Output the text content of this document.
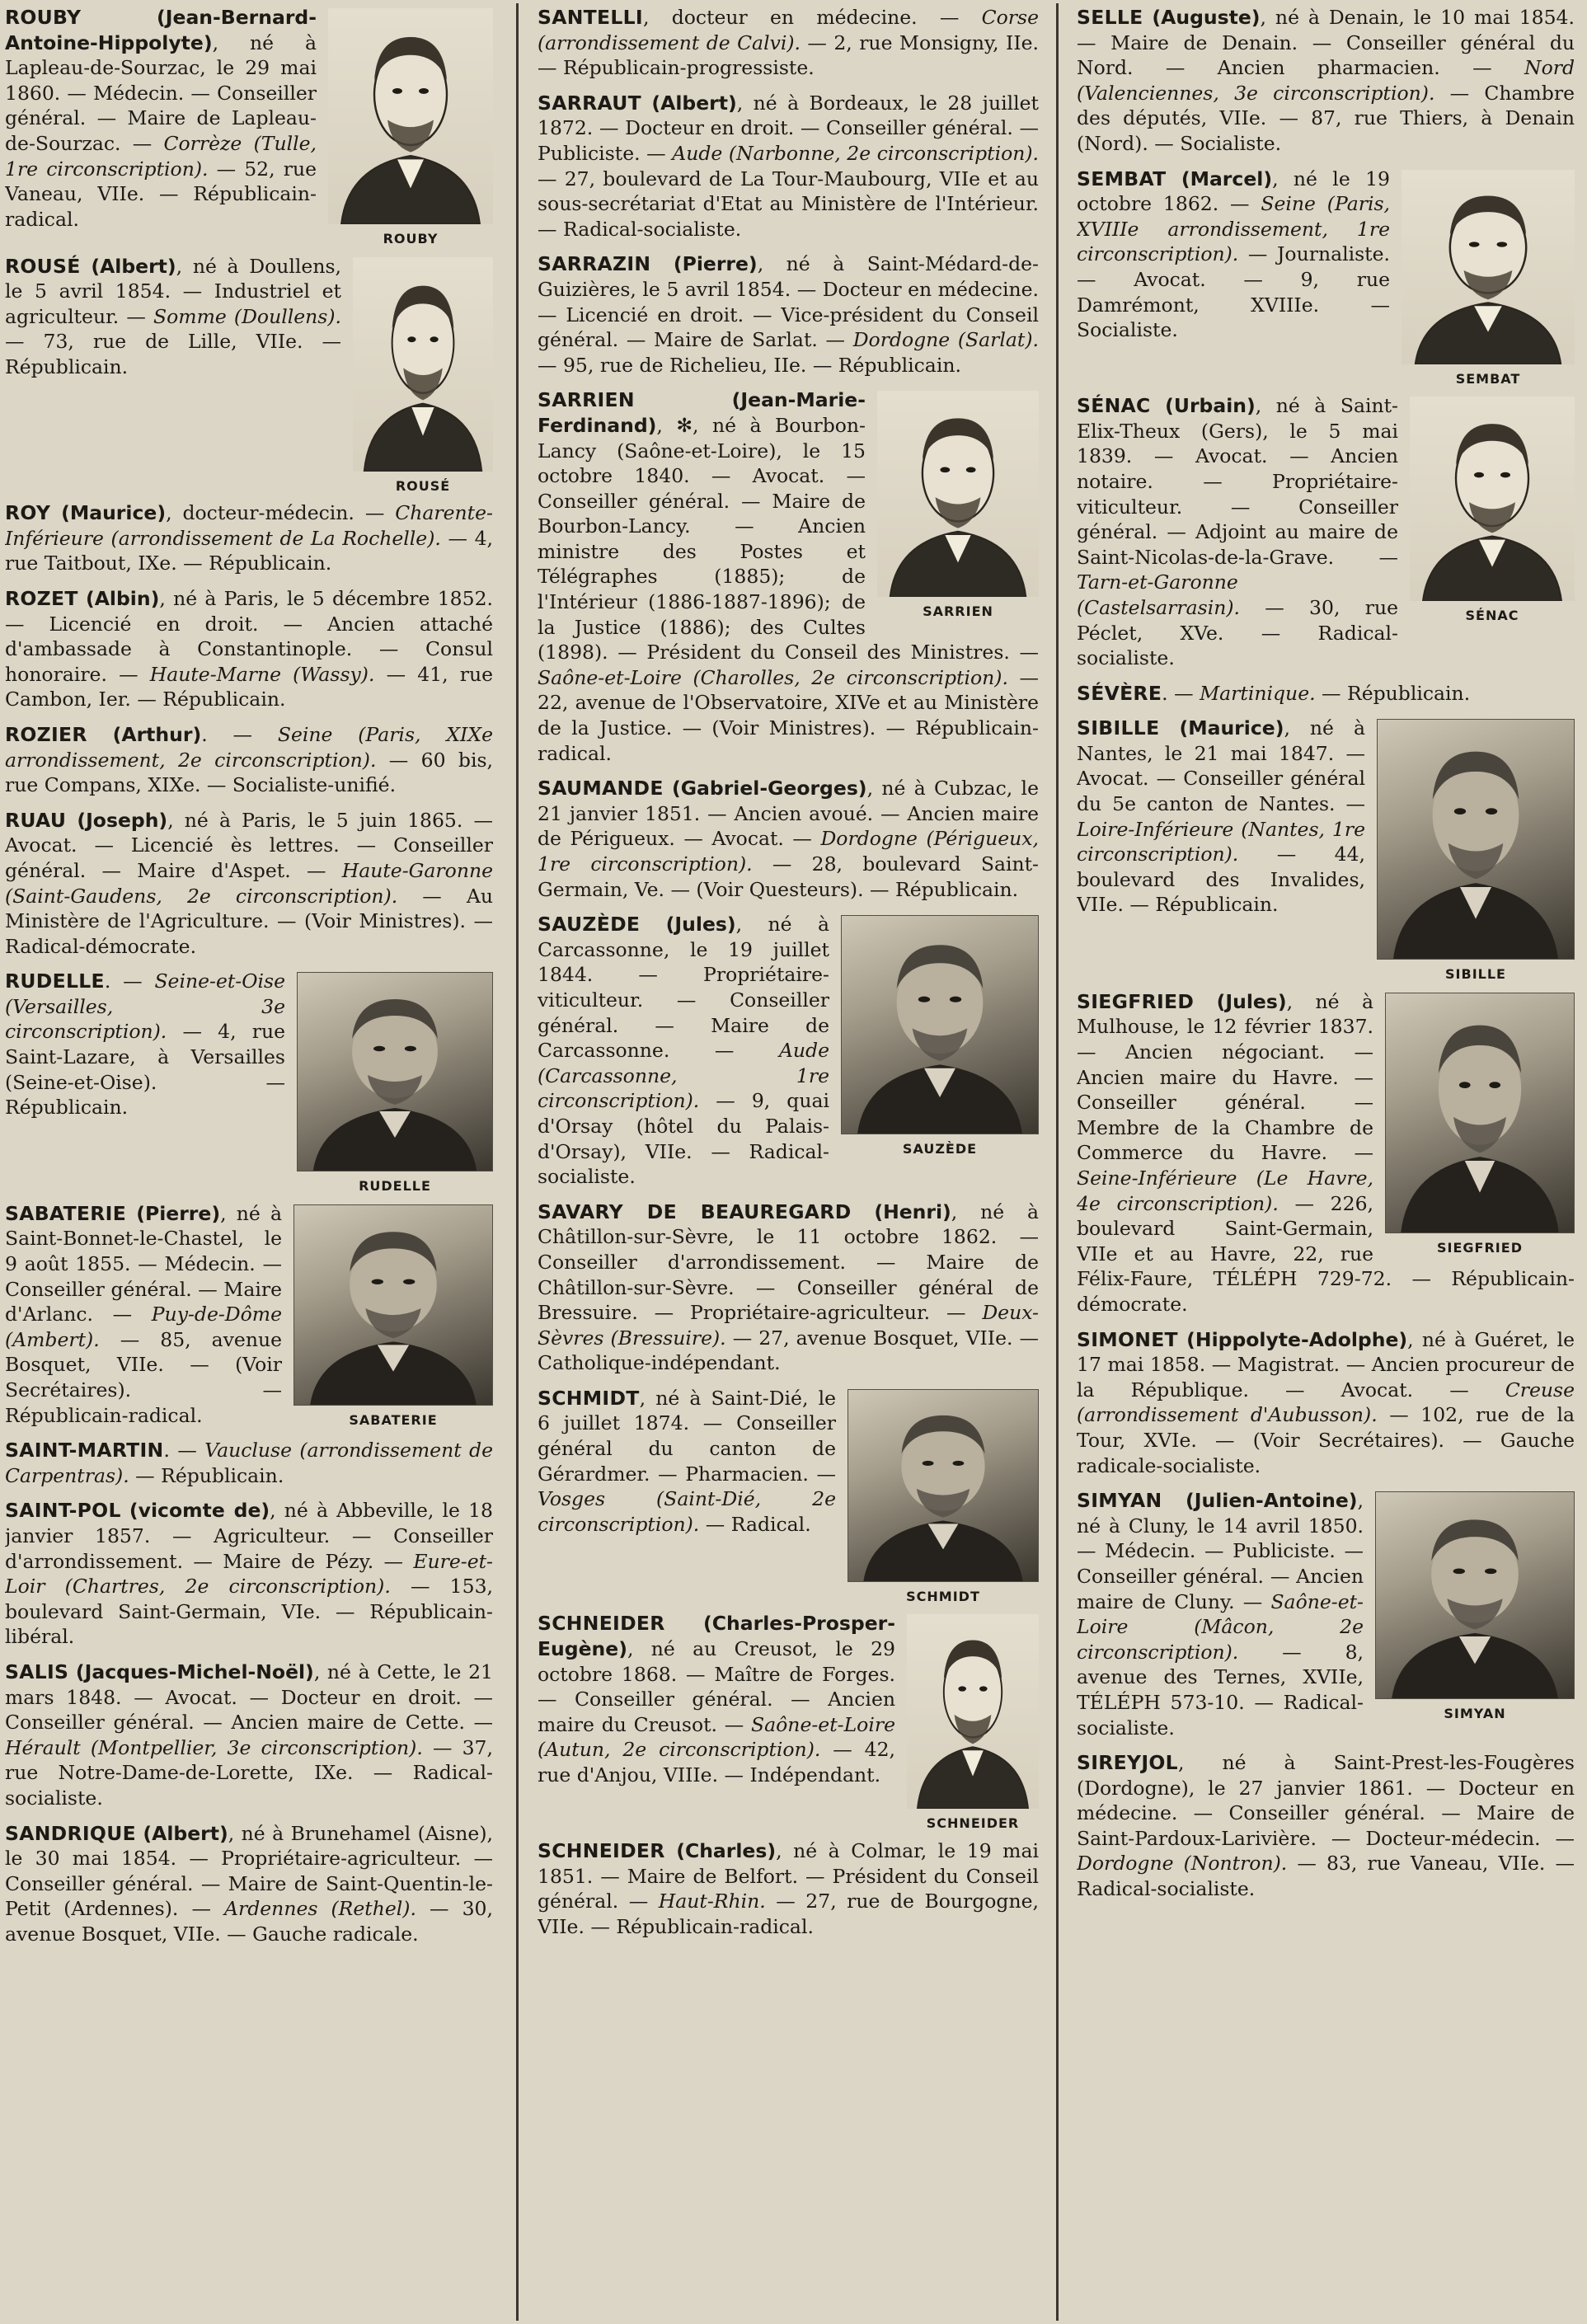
ROUBY
ROUBY	(Jean-Bernard-Antoine-Hippolyte), né à Lapleau-de-Sourzac, le 29 mai 1860. — Médecin. — Conseiller général. — Maire de Lapleau-de-Sourzac. — Corrèze (Tulle, 1re circonscription). — 52, rue Vaneau, VIIe. — Républicain-radical.

ROUSÉ
ROUSÉ (Albert), né à Doullens, le 5 avril 1854. — Industriel et agriculteur. — Somme (Doullens). — 73, rue de Lille, VIIe. — Républicain.

ROY (Maurice), docteur-médecin. — Charente-Inférieure (arrondissement de La Rochelle). — 4, rue Taitbout, IXe. — Républicain.

ROZET (Albin), né à Paris, le 5 décembre 1852. — Licencié en droit. — Ancien attaché d'ambassade à Constantinople. — Consul honoraire. — Haute-Marne (Wassy). — 41, rue Cambon, Ier. — Républicain.

ROZIER (Arthur). — Seine (Paris, XIXe arrondissement, 2e circonscription). — 60 bis, rue Compans, XIXe. — Socialiste-unifié.

RUAU (Joseph), né à Paris, le 5 juin 1865. — Avocat. — Licencié ès lettres. — Conseiller général. — Maire d'Aspet. — Haute-Garonne (Saint-Gaudens, 2e circonscription). — Au Ministère de l'Agriculture. — (Voir Ministres). — Radical-démocrate.

RUDELLE
RUDELLE. — Seine-et-Oise (Versailles, 3e circonscription). — 4, rue Saint-Lazare, à Versailles (Seine-et-Oise). — Républicain.

SABATERIE
SABATERIE (Pierre), né à Saint-Bonnet-le-Chastel, le 9 août 1855. — Médecin. — Conseiller général. — Maire d'Arlanc. — Puy-de-Dôme (Ambert). — 85, avenue Bosquet, VIIe. — (Voir Secrétaires). — Républicain-radical.

SAINT-MARTIN. — Vaucluse (arrondissement de Carpentras). — Républicain.

SAINT-POL (vicomte de), né à Abbeville, le 18 janvier 1857. — Agriculteur. — Conseiller d'arrondissement. — Maire de Pézy. — Eure-et-Loir (Chartres, 2e circonscription). — 153, boulevard Saint-Germain, VIe. — Républicain-libéral.

SALIS (Jacques-Michel-Noël), né à Cette, le 21 mars 1848. — Avocat. — Docteur en droit. — Conseiller général. — Ancien maire de Cette. — Hérault (Montpellier, 3e circonscription). — 37, rue Notre-Dame-de-Lorette, IXe. — Radical-socialiste.

SANDRIQUE (Albert), né à Brunehamel (Aisne), le 30 mai 1854. — Propriétaire-agriculteur. — Conseiller général. — Maire de Saint-Quentin-le-Petit (Ardennes). — Ardennes (Rethel). — 30, avenue Bosquet, VIIe. — Gauche radicale.

SANTELLI, docteur en médecine. — Corse (arrondissement de Calvi). — 2, rue Monsigny, IIe. — Républicain-progressiste.

SARRAUT (Albert), né à Bordeaux, le 28 juillet 1872. — Docteur en droit. — Conseiller général. — Publiciste. — Aude (Narbonne, 2e circonscription). — 27, boulevard de La Tour-Maubourg, VIIe et au sous-secrétariat d'Etat au Ministère de l'Intérieur. — Radical-socialiste.

SARRAZIN (Pierre), né à Saint-Médard-de-Guizières, le 5 avril 1854. — Docteur en médecine. — Licencié en droit. — Vice-président du Conseil général. — Maire de Sarlat. — Dordogne (Sarlat). — 95, rue de Richelieu, IIe. — Républicain.

SARRIEN
SARRIEN	(Jean-Marie-Ferdinand), ✻, né à Bourbon-Lancy (Saône-et-Loire), le 15 octobre 1840. — Avocat. — Conseiller général. — Maire de Bourbon-Lancy. — Ancien ministre des Postes et Télégraphes (1885); de l'Intérieur (1886-1887-1896); de la Justice (1886); des Cultes (1898). — Président du Conseil des Ministres. — Saône-et-Loire (Charolles, 2e circonscription). — 22, avenue de l'Observatoire, XIVe et au Ministère de la Justice. — (Voir Ministres). — Républicain-radical.

SAUMANDE (Gabriel-Georges), né à Cubzac, le 21 janvier 1851. — Ancien avoué. — Ancien maire de Périgueux. — Avocat. — Dordogne (Périgueux, 1re circonscription). — 28, boulevard Saint-Germain, Ve. — (Voir Questeurs). — Républicain.

SAUZÈDE
SAUZÈDE (Jules), né à Carcassonne, le 19 juillet 1844. — Propriétaire-viticulteur. — Conseiller général. — Maire de Carcassonne. — Aude (Carcassonne, 1re circonscription). — 9, quai d'Orsay (hôtel du Palais-d'Orsay), VIIe. — Radical-socialiste.

SAVARY DE BEAUREGARD (Henri), né à Châtillon-sur-Sèvre, le 11 octobre 1862. — Conseiller d'arrondissement. — Maire de Châtillon-sur-Sèvre. — Conseiller général de Bressuire. — Propriétaire-agriculteur. — Deux-Sèvres (Bressuire). — 27, avenue Bosquet, VIIe. — Catholique-indépendant.

SCHMIDT
SCHMIDT, né à Saint-Dié, le 6 juillet 1874. — Conseiller général du canton de Gérardmer. — Pharmacien. — Vosges (Saint-Dié, 2e circonscription). — Radical.

SCHNEIDER
SCHNEIDER (Charles-Prosper-Eugène), né au Creusot, le 29 octobre 1868. — Maître de Forges. — Conseiller général. — Ancien maire du Creusot. — Saône-et-Loire (Autun, 2e circonscription). — 42, rue d'Anjou, VIIIe. — Indépendant.

SCHNEIDER (Charles), né à Colmar, le 19 mai 1851. — Maire de Belfort. — Président du Conseil général. — Haut-Rhin. — 27, rue de Bourgogne, VIIe. — Républicain-radical.

SELLE (Auguste), né à Denain, le 10 mai 1854. — Maire de Denain. — Conseiller général du Nord. — Ancien pharmacien. — Nord (Valenciennes, 3e circonscription). — Chambre des députés, VIIe. — 87, rue Thiers, à Denain (Nord). — Socialiste.

SEMBAT
SEMBAT (Marcel), né le 19 octobre 1862. — Seine (Paris, XVIIIe arrondissement, 1re circonscription). — Journaliste. — Avocat. — 9, rue Damrémont, XVIIIe. — Socialiste.

SÉNAC
SÉNAC (Urbain), né à Saint-Elix-Theux (Gers), le 5 mai 1839. — Avocat. — Ancien notaire. — Propriétaire-viticulteur. — Conseiller général. — Adjoint au maire de Saint-Nicolas-de-la-Grave. — Tarn-et-Garonne (Castelsarrasin). — 30, rue Péclet, XVe. — Radical-socialiste.

SÉVÈRE. — Martinique. — Républicain.

SIBILLE
SIBILLE (Maurice), né à Nantes, le 21 mai 1847. — Avocat. — Conseiller général du 5e canton de Nantes. — Loire-Inférieure (Nantes, 1re circonscription). — 44, boulevard des Invalides, VIIe. — Républicain.

SIEGFRIED
SIEGFRIED (Jules), né à Mulhouse, le 12 février 1837. — Ancien négociant. — Ancien maire du Havre. — Conseiller général. — Membre de la Chambre de Commerce du Havre. — Seine-Inférieure (Le Havre, 4e circonscription). — 226, boulevard Saint-Germain, VIIe et au Havre, 22, rue Félix-Faure, TÉLÉPH 729-72. — Républicain-démocrate.

SIMONET (Hippolyte-Adolphe), né à Guéret, le 17 mai 1858. — Magistrat. — Ancien procureur de la République. — Avocat. — Creuse (arrondissement d'Aubusson). — 102, rue de la Tour, XVIe. — (Voir Secrétaires). — Gauche radicale-socialiste.

SIMYAN
SIMYAN (Julien-Antoine), né à Cluny, le 14 avril 1850. — Médecin. — Publiciste. — Conseiller général. — Ancien maire de Cluny. — Saône-et-Loire (Mâcon, 2e circonscription). — 8, avenue des Ternes, XVIIe, TÉLÉPH 573-10. — Radical-socialiste.

SIREYJOL, né à Saint-Prest-les-Fougères (Dordogne), le 27 janvier 1861. — Docteur en médecine. — Conseiller général. — Maire de Saint-Pardoux-Larivière. — Docteur-médecin. — Dordogne (Nontron). — 83, rue Vaneau, VIIe. — Radical-socialiste.
